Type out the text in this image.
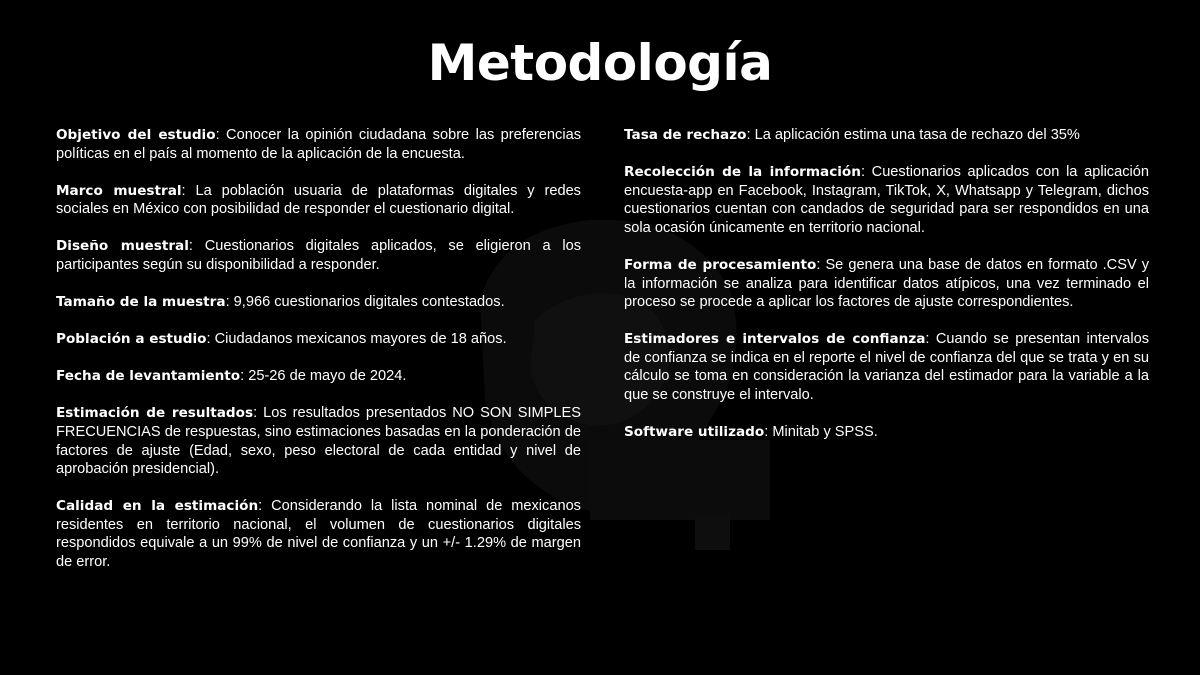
Metodología

Objetivo del estudio: Conocer la opinión ciudadana sobre las preferencias políticas en el país al momento de la aplicación de la encuesta.

Marco muestral: La población usuaria de plataformas digitales y redes sociales en México con posibilidad de responder el cuestionario digital.

Diseño muestral: Cuestionarios digitales aplicados, se eligieron a los participantes según su disponibilidad a responder.

Tamaño de la muestra: 9,966 cuestionarios digitales contestados.

Población a estudio: Ciudadanos mexicanos mayores de 18 años.

Fecha de levantamiento: 25-26 de mayo de 2024.

Estimación de resultados: Los resultados presentados NO SON SIMPLES FRECUENCIAS de respuestas, sino estimaciones basadas en la ponderación de factores de ajuste (Edad, sexo, peso electoral de cada entidad y nivel de aprobación presidencial).

Calidad en la estimación: Considerando la lista nominal de mexicanos residentes en territorio nacional, el volumen de cuestionarios digitales respondidos equivale a un 99% de nivel de confianza y un +/- 1.29% de margen de error.

Tasa de rechazo: La aplicación estima una tasa de rechazo del 35%

Recolección de la información: Cuestionarios aplicados con la aplicación encuesta-app en Facebook, Instagram, TikTok, X, Whatsapp y Telegram, dichos cuestionarios cuentan con candados de seguridad para ser respondidos en una sola ocasión únicamente en territorio nacional.

Forma de procesamiento: Se genera una base de datos en formato .CSV y la información se analiza para identificar datos atípicos, una vez terminado el proceso se procede a aplicar los factores de ajuste correspondientes.

Estimadores e intervalos de confianza: Cuando se presentan intervalos de confianza se indica en el reporte el nivel de confianza del que se trata y en su cálculo se toma en consideración la varianza del estimador para la variable a la que se construye el intervalo.

Software utilizado: Minitab y SPSS.
